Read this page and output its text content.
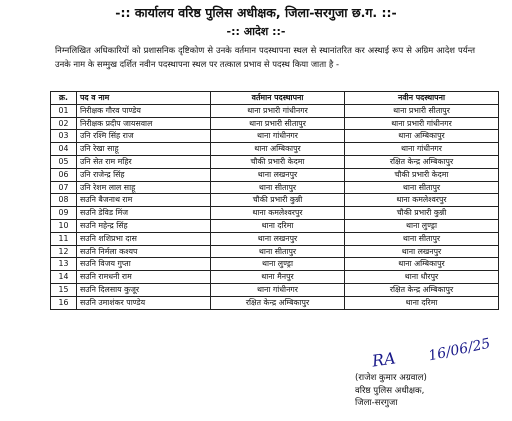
-:: कार्यालय वरिष्ठ पुलिस अधीक्षक, जिला-सरगुजा छ.ग. ::-
-:: आदेश ::-
निम्नलिखित अधिकारियों को प्रशासनिक दृष्टिकोण से उनके वर्तमान पदस्थापना स्थल से स्थानांतरित कर अस्थाई रूप से अग्रिम आदेश पर्यन्त उनके नाम के सम्मुख दर्शित नवीन पदस्थापना स्थल पर तत्काल प्रभाव से पदस्थ किया जाता है -
क्र.	पद व नाम	वर्तमान पदस्थापना	नवीन पदस्थापना
01	निरीक्षक गौरव पाण्डेय	थाना प्रभारी गांधीनगर	थाना प्रभारी सीतापुर
02	निरीक्षक प्रदीप जायसवाल	थाना प्रभारी सीतापुर	थाना प्रभारी गांधीनगर
03	उनि रश्मि सिंह राज	थाना गांधीनगर	थाना अम्बिकापुर
04	उनि रेखा साहू	थाना अम्बिकापुर	थाना गांधीनगर
05	उनि सेत राम महिर	चौकी प्रभारी केदमा	रक्षित केन्द्र अम्बिकापुर
06	उनि राजेन्द्र सिंह	थाना लखनपुर	चौकी प्रभारी केदमा
07	उनि रेशम लाल साहू	थाना सीतापुर	थाना सीतापुर
08	सउनि बैजनाथ राम	चौकी प्रभारी कुन्नी	थाना कमलेश्वरपुर
09	सउनि डेविड मिंज	थाना कमलेश्वरपुर	चौकी प्रभारी कुन्नी
10	सउनि महेन्द्र सिंह	थाना दरिमा	थाना लुण्ड्रा
11	सउनि शशिप्रभा दास	थाना लखनपुर	थाना सीतापुर
12	सउनि निर्मला कश्यप	थाना सीतापुर	थाना लखनपुर
13	सउनि विजय गुप्ता	थाना लुण्ड्रा	थाना अम्बिकापुर
14	सउनि रामधनी राम	थाना मैनपुर	थाना धौरपुर
15	सउनि दिलसाय कुजूर	थाना गांधीनगर	रक्षित केन्द्र अम्बिकापुर
16	सउनि उमाशंकर पाण्डेय	रक्षित केन्द्र अम्बिकापुर	थाना दरिमा
RA 16/06/25
(राजेश कुमार अग्रवाल)
वरिष्ठ पुलिस अधीक्षक,
जिला-सरगुजा
